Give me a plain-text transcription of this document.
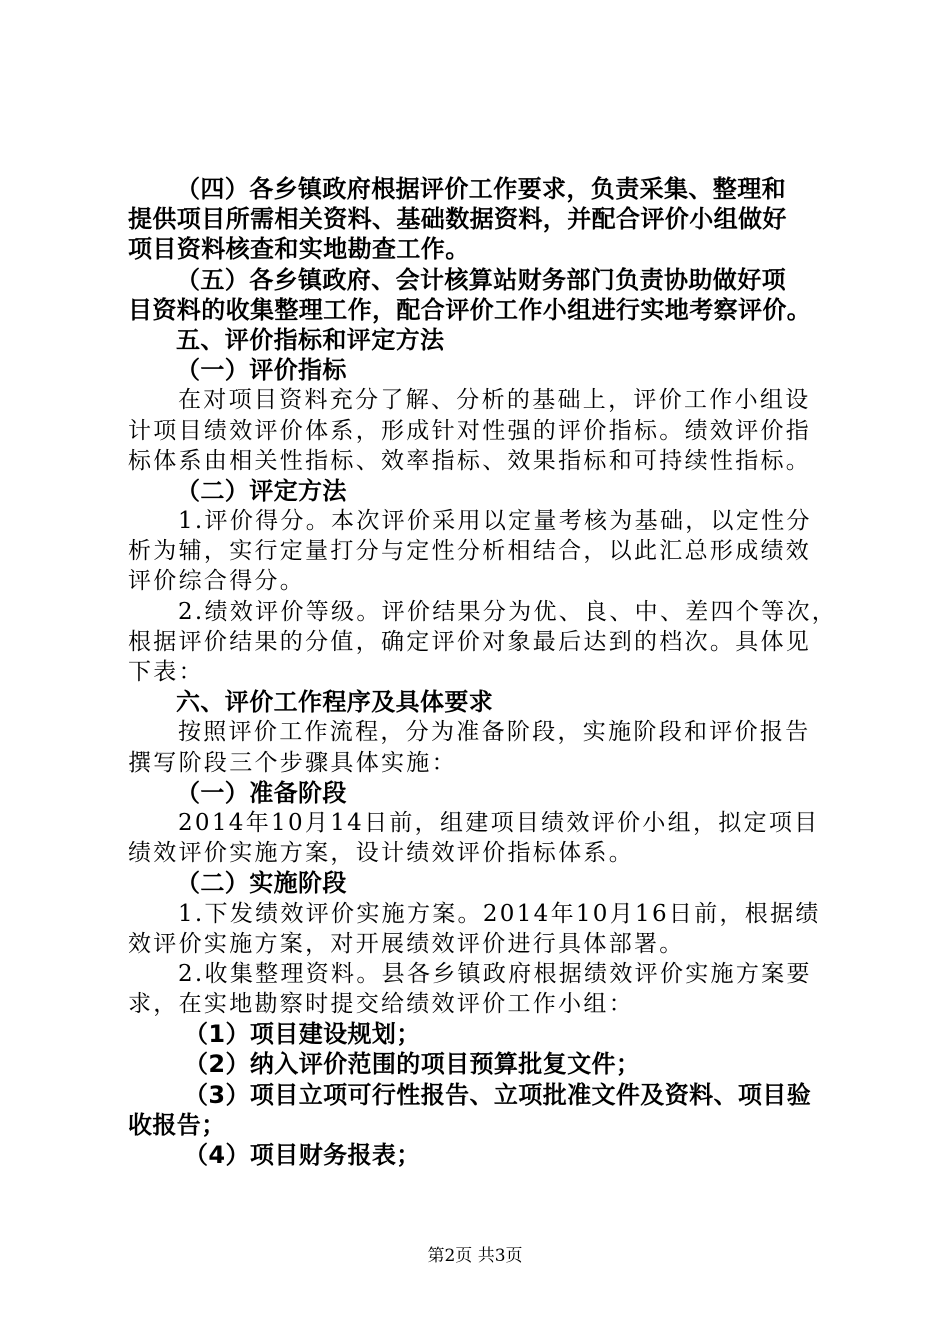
（四）各乡镇政府根据评价工作要求，负责采集、整理和
提供项目所需相关资料、基础数据资料，并配合评价小组做好
项目资料核查和实地勘查工作。
（五）各乡镇政府、会计核算站财务部门负责协助做好项
目资料的收集整理工作，配合评价工作小组进行实地考察评价。
五、评价指标和评定方法
（一）评价指标
在对项目资料充分了解、分析的基础上，评价工作小组设
计项目绩效评价体系，形成针对性强的评价指标。绩效评价指
标体系由相关性指标、效率指标、效果指标和可持续性指标。
（二）评定方法
1.评价得分。本次评价采用以定量考核为基础，以定性分
析为辅，实行定量打分与定性分析相结合，以此汇总形成绩效
评价综合得分。
2.绩效评价等级。评价结果分为优、良、中、差四个等次，
根据评价结果的分值，确定评价对象最后达到的档次。具体见
下表：
六、评价工作程序及具体要求
按照评价工作流程，分为准备阶段，实施阶段和评价报告
撰写阶段三个步骤具体实施：
（一）准备阶段
2014年10月14日前，组建项目绩效评价小组，拟定项目
绩效评价实施方案，设计绩效评价指标体系。
（二）实施阶段
1.下发绩效评价实施方案。2014年10月16日前，根据绩
效评价实施方案，对开展绩效评价进行具体部署。
2.收集整理资料。县各乡镇政府根据绩效评价实施方案要
求，在实地勘察时提交给绩效评价工作小组：
（1）项目建设规划；
（2）纳入评价范围的项目预算批复文件；
（3）项目立项可行性报告、立项批准文件及资料、项目验
收报告；
（4）项目财务报表；
第2页 共3页
